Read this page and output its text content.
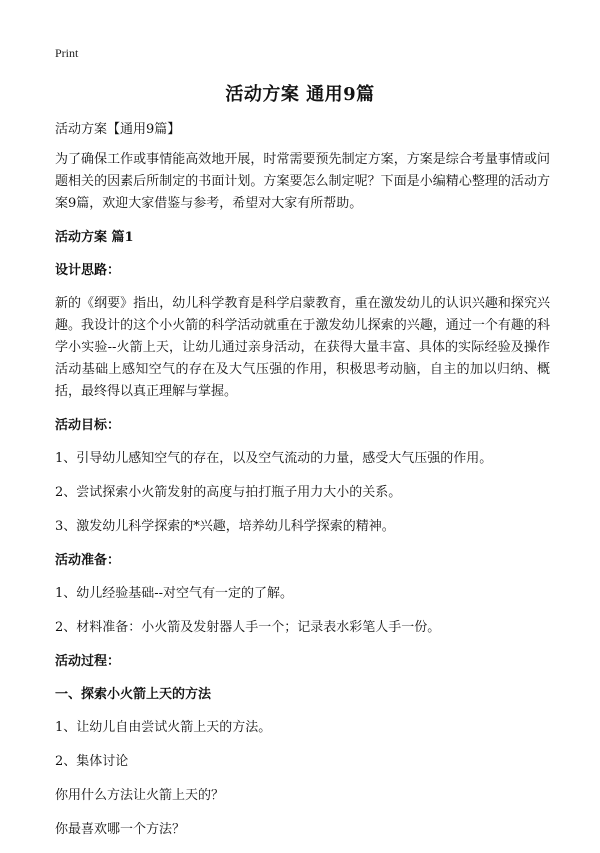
Print
活动方案 通用9篇

活动方案【通用9篇】

为了确保工作或事情能高效地开展，时常需要预先制定方案，方案是综合考量事情或问题相关的因素后所制定的书面计划。方案要怎么制定呢？下面是小编精心整理的活动方案9篇，欢迎大家借鉴与参考，希望对大家有所帮助。

活动方案 篇1

设计思路：

新的《纲要》指出，幼儿科学教育是科学启蒙教育，重在激发幼儿的认识兴趣和探究兴趣。我设计的这个小火箭的科学活动就重在于激发幼儿探索的兴趣，通过一个有趣的科学小实验--火箭上天，让幼儿通过亲身活动，在获得大量丰富、具体的实际经验及操作活动基础上感知空气的存在及大气压强的作用，积极思考动脑，自主的加以归纳、概括，最终得以真正理解与掌握。

活动目标：

1、引导幼儿感知空气的存在，以及空气流动的力量，感受大气压强的作用。

2、尝试探索小火箭发射的高度与拍打瓶子用力大小的关系。

3、激发幼儿科学探索的*兴趣，培养幼儿科学探索的精神。

活动准备：

1、幼儿经验基础--对空气有一定的了解。

2、材料准备：小火箭及发射器人手一个；记录表水彩笔人手一份。

活动过程：

一、探索小火箭上天的方法

1、让幼儿自由尝试火箭上天的方法。

2、集体讨论

你用什么方法让火箭上天的？

你最喜欢哪一个方法？
